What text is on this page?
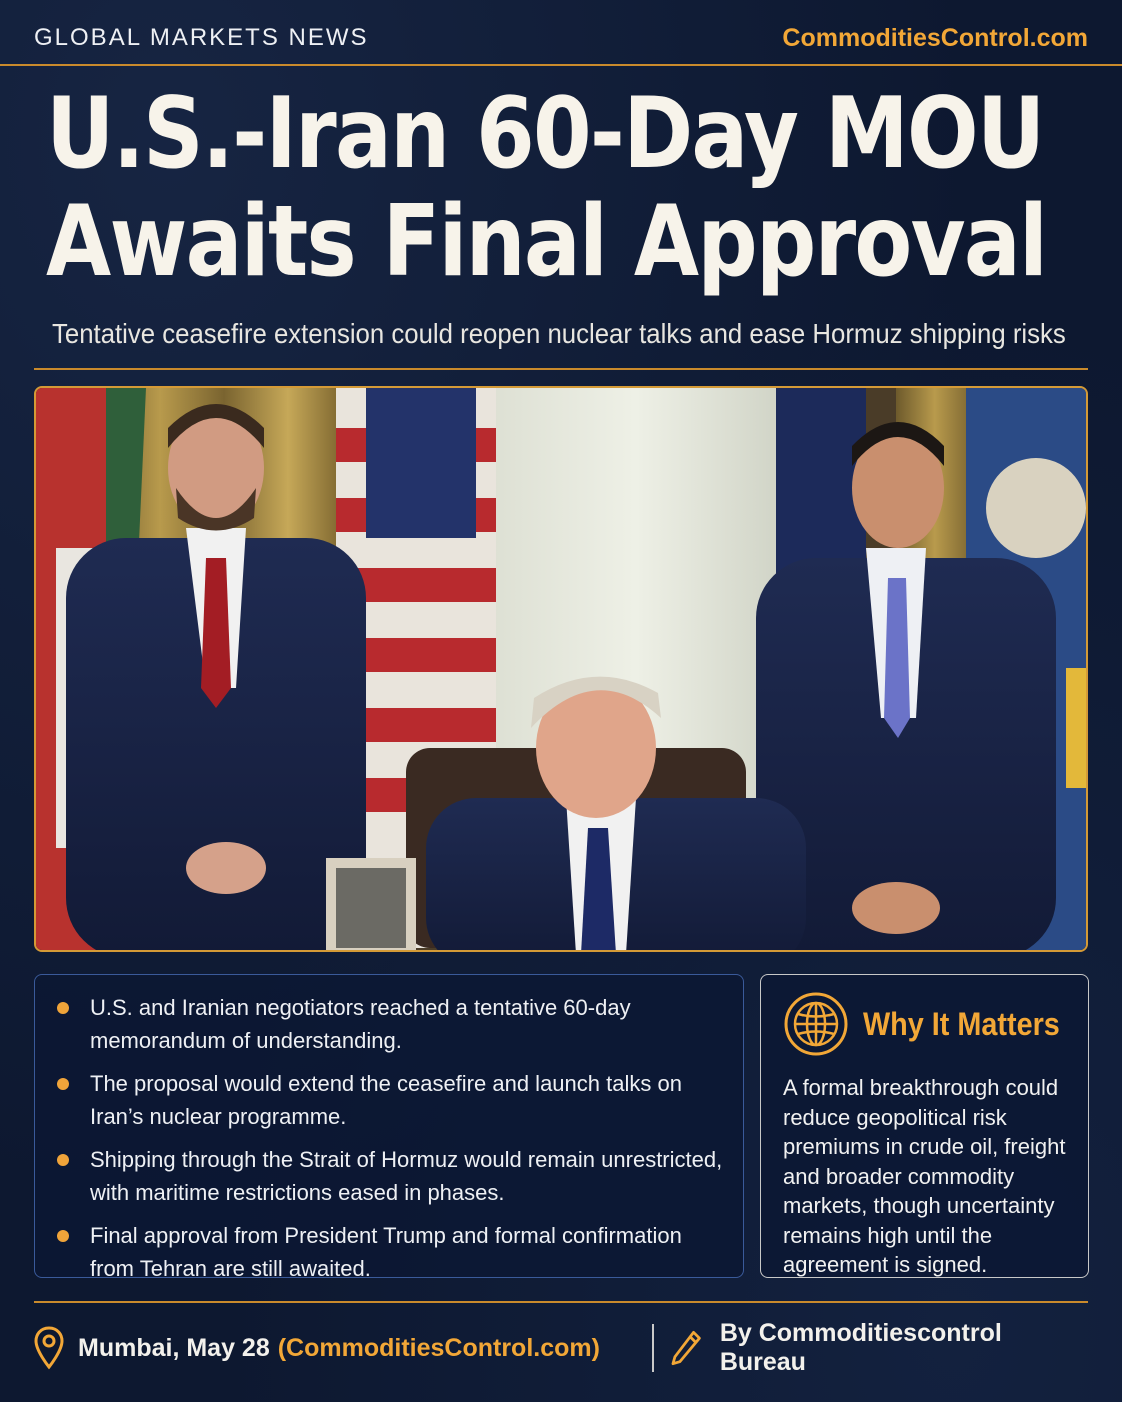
GLOBAL MARKETS NEWS	CommoditiesControl.com
U.S.-Iran 60-Day MOU
Awaits Final Approval

Tentative ceasefire extension could reopen nuclear talks and ease Hormuz shipping risks

U.S. and Iranian negotiators reached a tentative 60-day memorandum of understanding.
The proposal would extend the ceasefire and launch talks on Iran’s nuclear programme.
Shipping through the Strait of Hormuz would remain unrestricted, with maritime restrictions eased in phases.
Final approval from President Trump and formal confirmation from Tehran are still awaited.
Why It Matters

A formal breakthrough could reduce geopolitical risk premiums in crude oil, freight and broader commodity markets, though uncertainty remains high until the agreement is signed.

Mumbai, May 28 (CommoditiesControl.com)
By Commoditiescontrol Bureau
